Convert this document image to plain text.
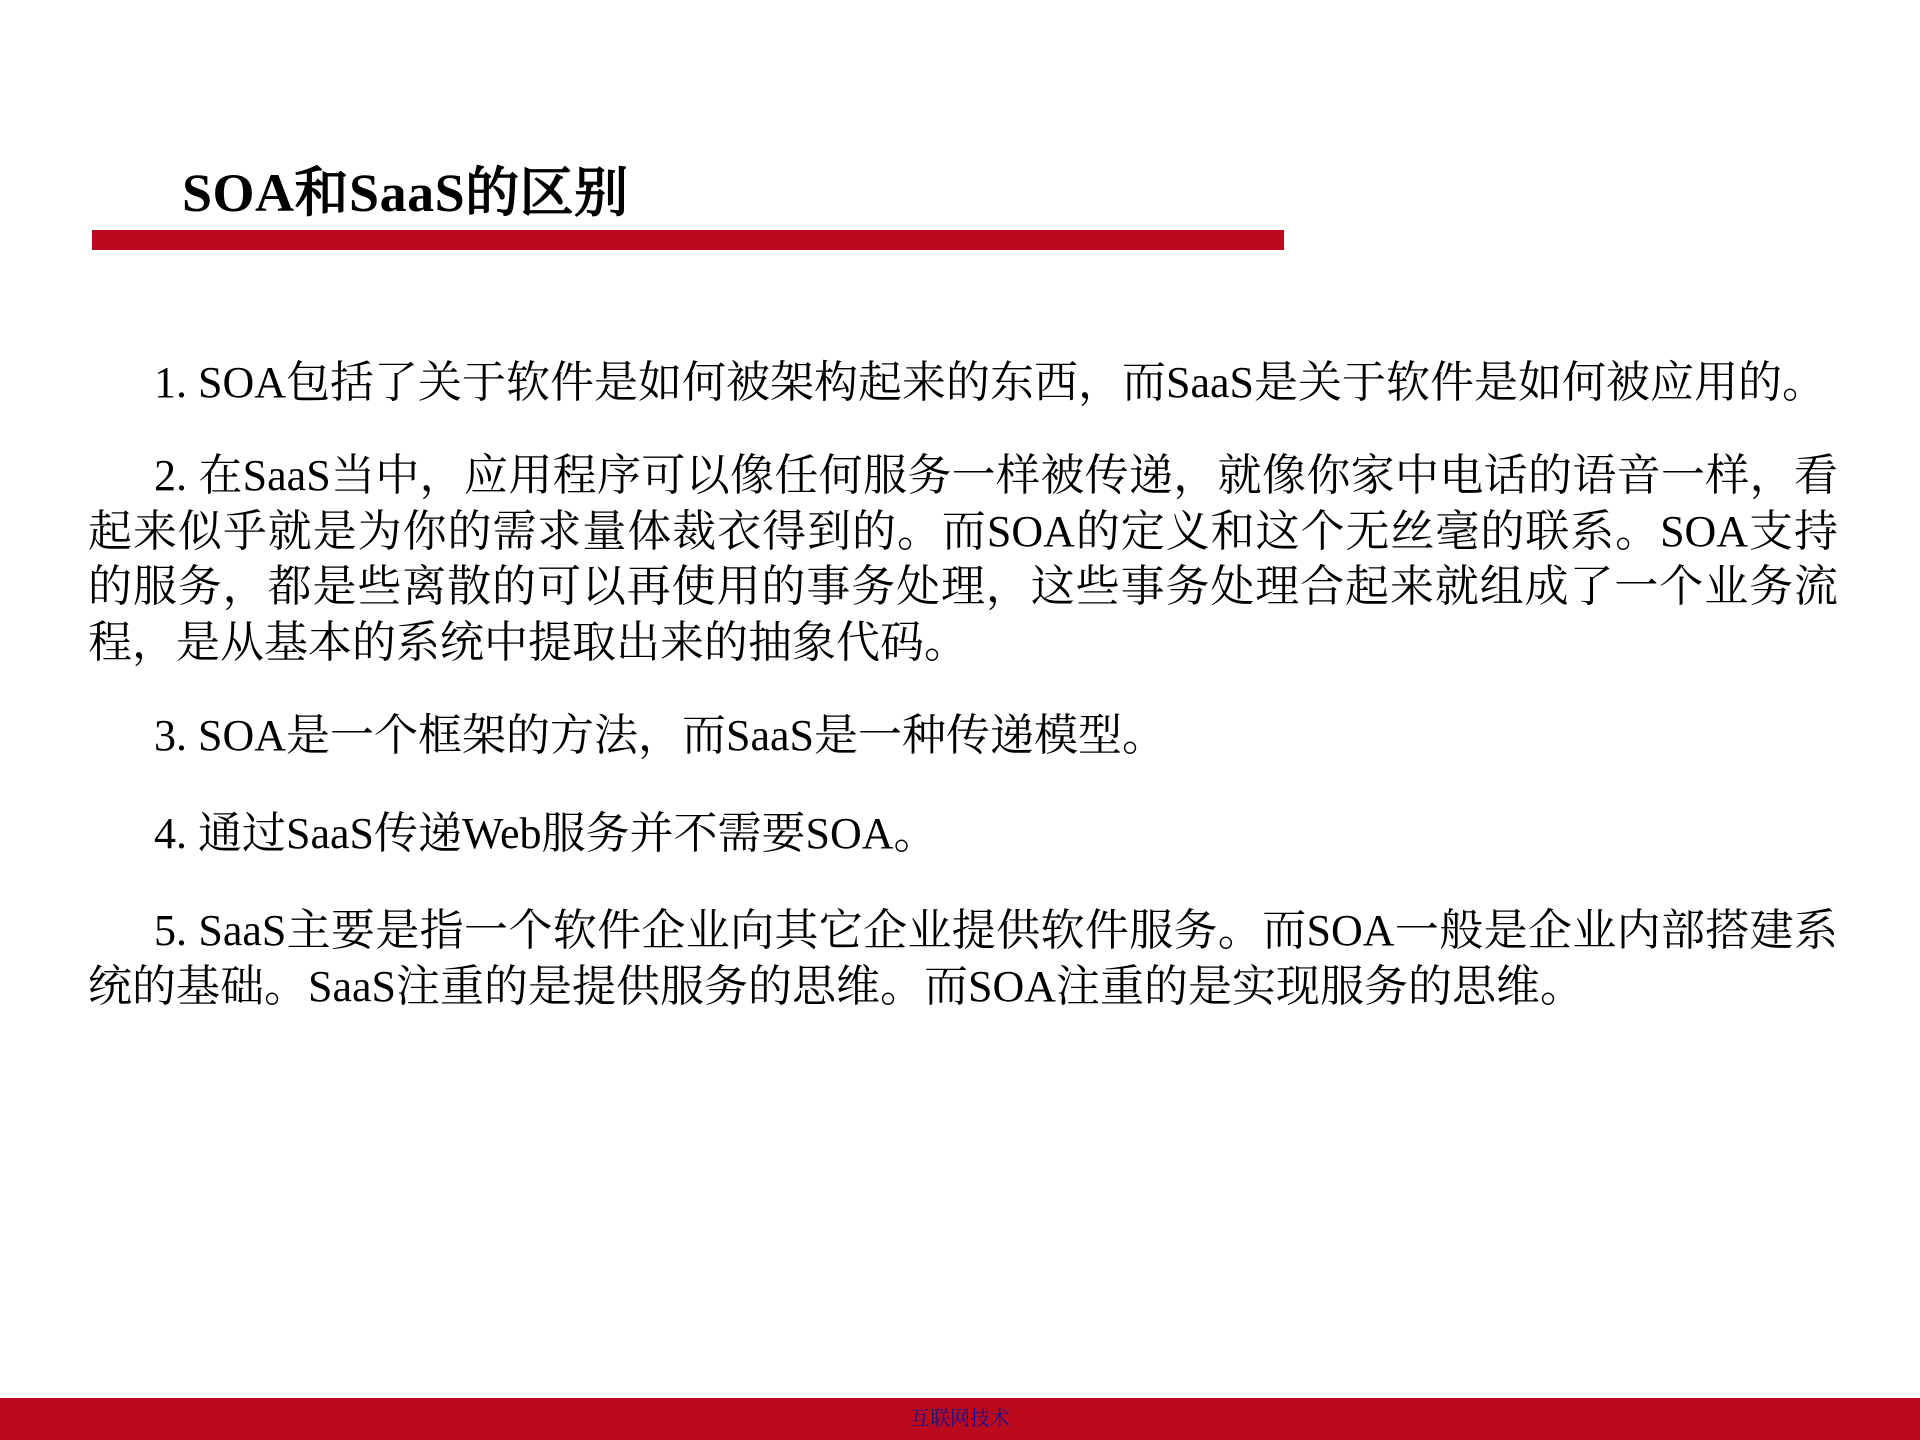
SOA和SaaS的区别

1. SOA包括了关于软件是如何被架构起来的东西，而SaaS是关于软件是如何被应用的。

2. 在SaaS当中，应用程序可以像任何服务一样被传递，就像你家中电话的语音一样，看起来似乎就是为你的需求量体裁衣得到的。而SOA的定义和这个无丝毫的联系。SOA支持的服务，都是些离散的可以再使用的事务处理，这些事务处理合起来就组成了一个业务流程，是从基本的系统中提取出来的抽象代码。

3. SOA是一个框架的方法，而SaaS是一种传递模型。

4. 通过SaaS传递Web服务并不需要SOA。

5. SaaS主要是指一个软件企业向其它企业提供软件服务。而SOA一般是企业内部搭建系统的基础。SaaS注重的是提供服务的思维。而SOA注重的是实现服务的思维。

互联网技术
